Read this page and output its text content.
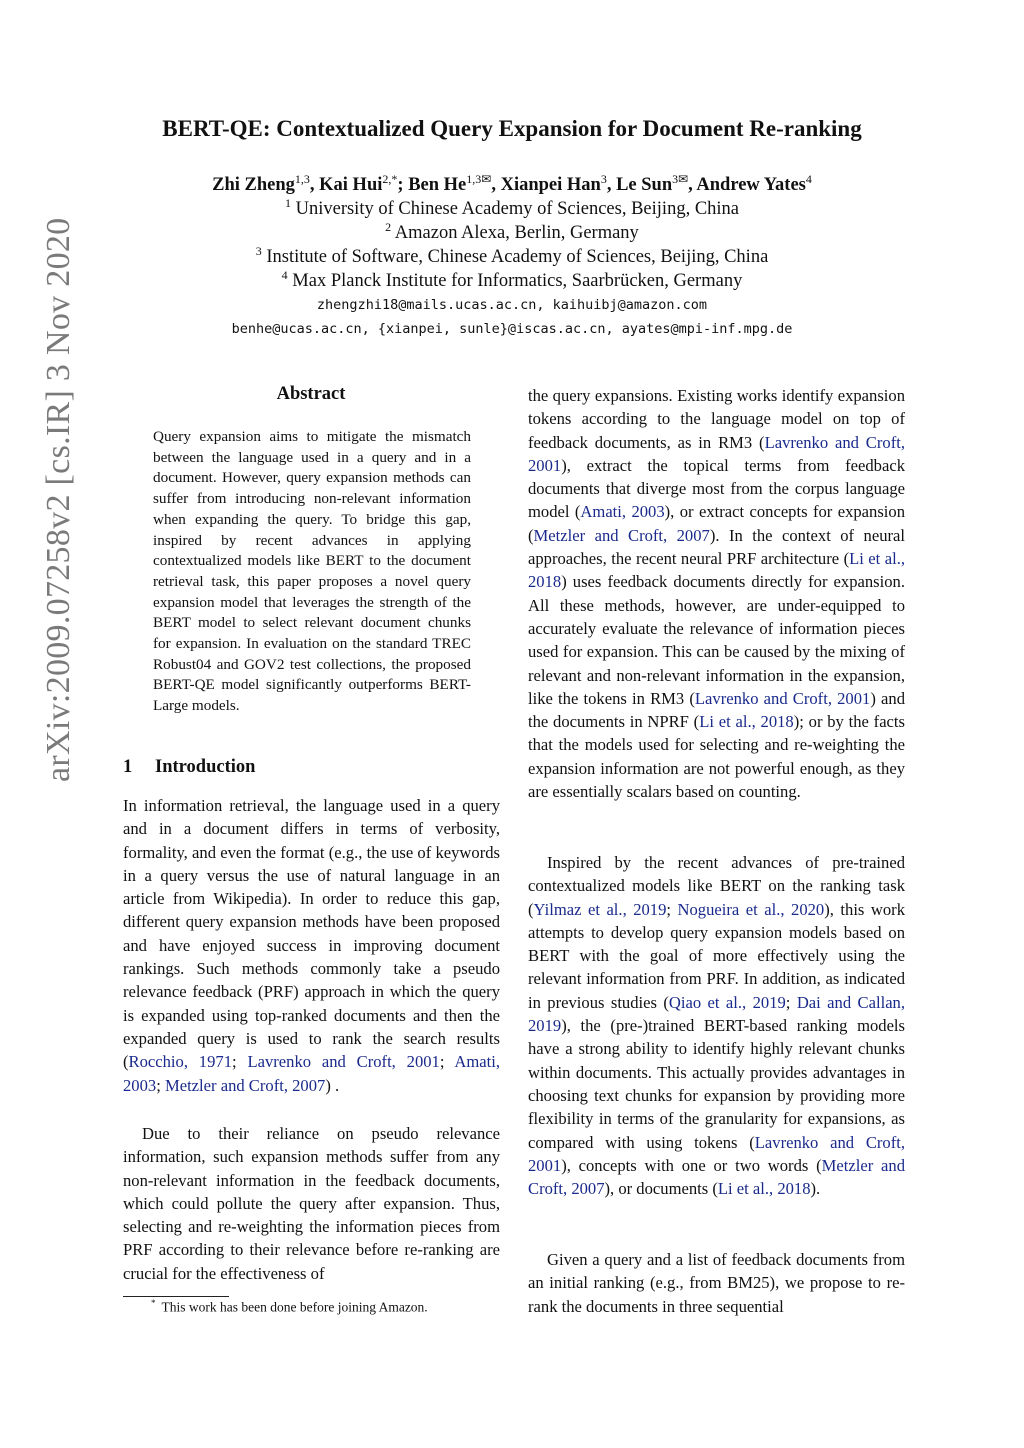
arXiv:2009.07258v2 [cs.IR] 3 Nov 2020
BERT-QE: Contextualized Query Expansion for Document Re-ranking
Zhi Zheng$^{1,3}$, Kai Hui$^{2,*}$; Ben $He^{1,3✉}$, Xianpei Han$^3$, Le Sun$^{3✉}$, Andrew Yates$^4$
$^1$ University of Chinese Academy of Sciences, Beijing, China
$^2$ Amazon Alexa, Berlin, Germany
$^3$ Institute of Software, Chinese Academy of Sciences, Beijing, China
$^4$ Max Planck Institute for Informatics, Saarbrücken, Germany
zhengzhi18@mails.ucas.ac.cn, kaihuibj@amazon.com
benhe@ucas.ac.cn, {xianpei, sunle}@iscas.ac.cn, ayates@mpi-inf.mpg.de
Abstract

Query expansion aims to mitigate the mismatch between the language used in a query and in a document. However, query expansion methods can suffer from introducing non-relevant information when expanding the query. To bridge this gap, inspired by recent advances in applying contextualized models like BERT to the document retrieval task, this paper proposes a novel query expansion model that leverages the strength of the BERT model to select relevant document chunks for expansion. In evaluation on the standard TREC Robust04 and GOV2 test collections, the proposed BERT-QE model significantly outperforms BERT-Large models.

1 Introduction

In information retrieval, the language used in a query and in a document differs in terms of verbosity, formality, and even the format (e.g., the use of keywords in a query versus the use of natural language in an article from Wikipedia). In order to reduce this gap, different query expansion methods have been proposed and have enjoyed success in improving document rankings. Such methods commonly take a pseudo relevance feedback (PRF) approach in which the query is expanded using top-ranked documents and then the expanded query is used to rank the search results (Rocchio, 1971; Lavrenko and Croft, 2001; Amati, 2003; Metzler and Croft, 2007) .

Due to their reliance on pseudo relevance information, such expansion methods suffer from any non-relevant information in the feedback documents, which could pollute the query after expansion. Thus, selecting and re-weighting the information pieces from PRF according to their relevance before re-ranking are crucial for the effectiveness of

* This work has been done before joining Amazon.

the query expansions. Existing works identify expansion tokens according to the language model on top of feedback documents, as in RM3 (Lavrenko and Croft, 2001), extract the topical terms from feedback documents that diverge most from the corpus language model (Amati, 2003), or extract concepts for expansion (Metzler and Croft, 2007). In the context of neural approaches, the recent neural PRF architecture (Li et al., 2018) uses feedback documents directly for expansion. All these methods, however, are under-equipped to accurately evaluate the relevance of information pieces used for expansion. This can be caused by the mixing of relevant and non-relevant information in the expansion, like the tokens in RM3 (Lavrenko and Croft, 2001) and the documents in NPRF (Li et al., 2018); or by the facts that the models used for selecting and re-weighting the expansion information are not powerful enough, as they are essentially scalars based on counting.

Inspired by the recent advances of pre-trained contextualized models like BERT on the ranking task (Yilmaz et al., 2019; Nogueira et al., 2020), this work attempts to develop query expansion models based on BERT with the goal of more effectively using the relevant information from PRF. In addition, as indicated in previous studies (Qiao et al., 2019; Dai and Callan, 2019), the (pre-)trained BERT-based ranking models have a strong ability to identify highly relevant chunks within documents. This actually provides advantages in choosing text chunks for expansion by providing more flexibility in terms of the granularity for expansions, as compared with using tokens (Lavrenko and Croft, 2001), concepts with one or two words (Metzler and Croft, 2007), or documents (Li et al., 2018).

Given a query and a list of feedback documents from an initial ranking (e.g., from BM25), we propose to re-rank the documents in three sequential
